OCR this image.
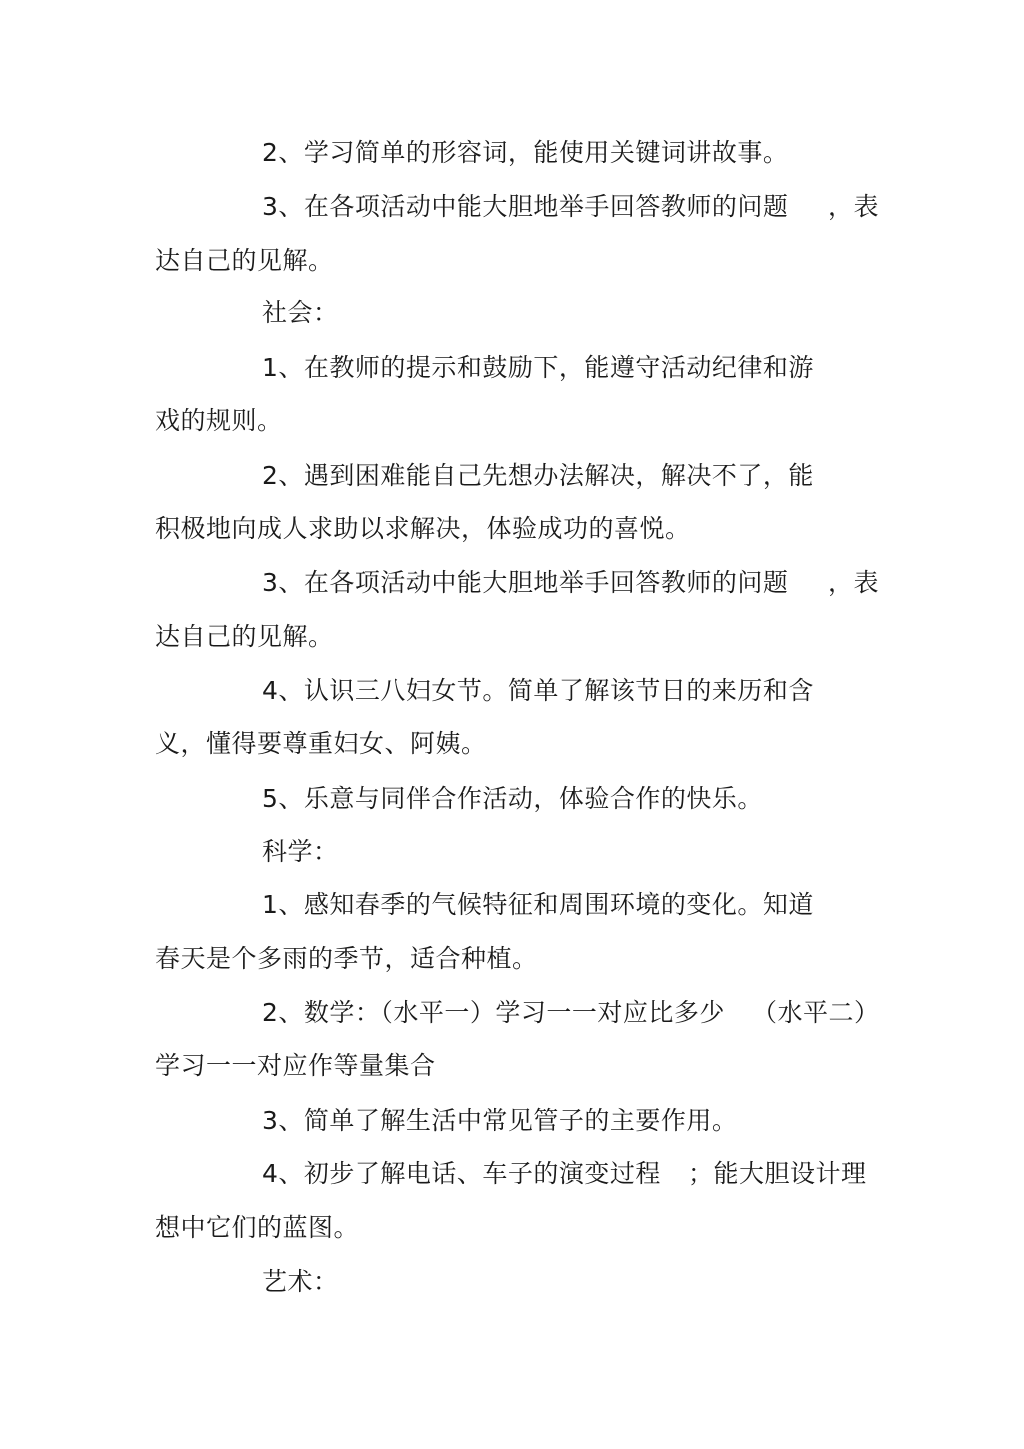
2、学习简单的形容词，能使用关键词讲故事。
3、在各项活动中能大胆地举手回答教师的问题 ，表
达自己的见解。
社会：
1、在教师的提示和鼓励下，能遵守活动纪律和游
戏的规则。
2、遇到困难能自己先想办法解决，解决不了，能
积极地向成人求助以求解决，体验成功的喜悦。
3、在各项活动中能大胆地举手回答教师的问题 ，表
达自己的见解。
4、认识三八妇女节。简单了解该节日的来历和含
义，懂得要尊重妇女、阿姨。
5、乐意与同伴合作活动，体验合作的快乐。
科学：
1、感知春季的气候特征和周围环境的变化。知道
春天是个多雨的季节，适合种植。
2、数学：（水平一）学习一一对应比多少 （水平二）
学习一一对应作等量集合
3、简单了解生活中常见管子的主要作用。
4、初步了解电话、车子的演变过程 ；能大胆设计理
想中它们的蓝图。
艺术：
